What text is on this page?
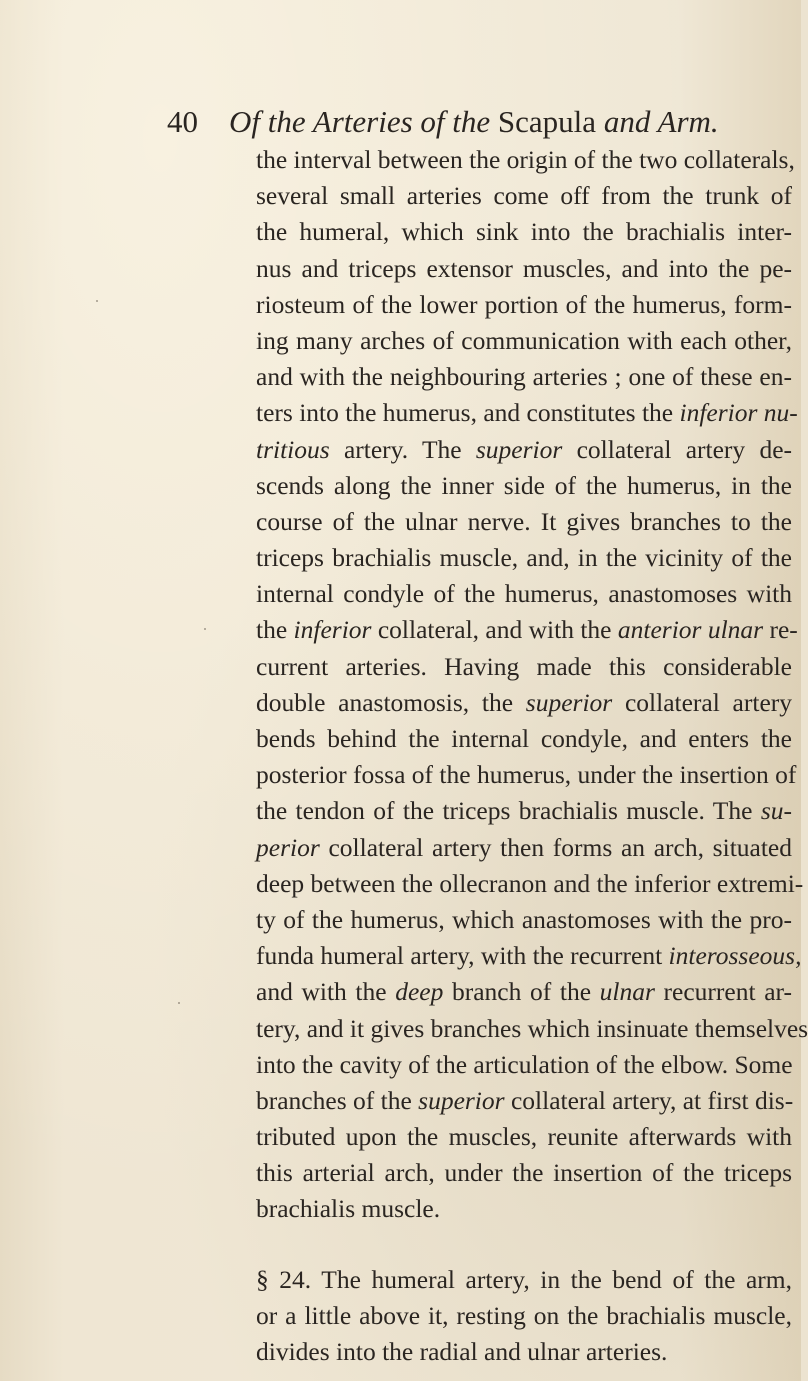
40 Of the Arteries of the Scapula and Arm.
the interval between the origin of the two collaterals,
several small arteries come off from the trunk of
the humeral, which sink into the brachialis inter-
nus and triceps extensor muscles, and into the pe-
riosteum of the lower portion of the humerus, form-
ing many arches of communication with each other,
and with the neighbouring arteries ; one of these en-
ters into the humerus, and constitutes the inferior nu-
tritious artery. The superior collateral artery de-
scends along the inner side of the humerus, in the
course of the ulnar nerve. It gives branches to the
triceps brachialis muscle, and, in the vicinity of the
internal condyle of the humerus, anastomoses with
the inferior collateral, and with the anterior ulnar re-
current arteries. Having made this considerable
double anastomosis, the superior collateral artery
bends behind the internal condyle, and enters the
posterior fossa of the humerus, under the insertion of
the tendon of the triceps brachialis muscle. The su-
perior collateral artery then forms an arch, situated
deep between the ollecranon and the inferior extremi-
ty of the humerus, which anastomoses with the pro-
funda humeral artery, with the recurrent interosseous,
and with the deep branch of the ulnar recurrent ar-
tery, and it gives branches which insinuate themselves
into the cavity of the articulation of the elbow. Some
branches of the superior collateral artery, at first dis-
tributed upon the muscles, reunite afterwards with
this arterial arch, under the insertion of the triceps
brachialis muscle.
§ 24. The humeral artery, in the bend of the arm,
or a little above it, resting on the brachialis muscle,
divides into the radial and ulnar arteries.
